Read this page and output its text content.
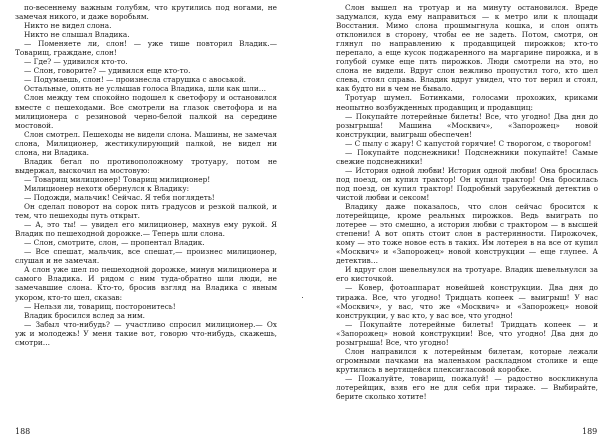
по-весеннему важным голубям, что крутились под ногами, не замечая никого, и даже воробьям.

Никто не видел слона.

Никто не слышал Владика.

— Поменяете ли, слон! — уже тише повторил Владик.— Товарищ, граждане, слон!

— Где? — удивился кто-то.

— Слон, говорите? — удивился еще кто-то.

— Подумаешь, слон! — произнесла старушка с авоськой.

Остальные, опять не услышав голоса Владика, шли как шли…

Слон между тем спокойно подошел к светофору и остановился вместе с пешеходами. Все смотрели на глазок светофора и на милиционера с резиновой черно-белой палкой на середине мостовой.

Слон смотрел. Пешеходы не видели слона. Машины, не замечая слона, Милиционер, жестикулирующий палкой, не видел ни слона, ни Владика.

Владик бегал по противоположному тротуару, потом не выдержал, выскочил на мостовую:

— Товарищ милиционер! Товарищ милиционер!

Милиционер нехотя обернулся к Владику:

— Подожди, мальчик! Сейчас. Я тебя поглядеть!

Он сделал поворот на сорок пять градусов и резкой палкой, и тем, что пешеходы путь открыт.

— А, это ты! — увидел его милиционер, махнув ему рукой. Я Владик по пешеходной дорожке.— Теперь шли слона.

— Слон, смотрите, слон, — пропентал Владик.

— Все спешат, мальчик, все спешат,— произнес милиционер, слушая и не замечая.

А слон уже шел по пешеходной дорожке, минуя милиционера и самого Владика. И рядом с ним туда-обратно шли люди, не замечавшие слона. Кто-то, бросив взгляд на Владика с явным укором, кто-то шел, сказав:

— Нельзя ли, товарищ, посторонитесь!

Владик бросился вслед за ним.

— Забыл что-нибудь? — участливо спросил милиционер.— Ох уж и молодежь! У меня такие вот, говорю что-нибудь, скажешь, смотри…

Слон вышел на тротуар и на минуту остановился. Вреде задумался, куда ему направиться — к метро или к площади Восстания. Мимо слона прошмыгнула кошка, и слон опять отклонился в сторону, чтобы ее не задеть. Потом, смотря, он глянул по направлению к продавщицей пирожков; кто-то перепало, а еще кусок поджаренного на маргарине пирожка, и в голубой сумке еще пять пирожков. Люди смотрели на это, но слона не видели. Вдруг слон вежливо пропустил того, кто шел слева, стоял справа. Владик вдруг увидел, что тот верил и стоял, как будто ни в чем не бывало.

Тротуар шумел. Ботинками, голосами прохожих, криками неопытно возбужденных продавщиц и продавщиц:

— Покупайте лотерейные билеты! Все, что угодно! Два дня до розыгрыша! Машина «Москвич», «Запорожец» новой конструкции, выигрыш обеспечен!

— С пылу с жару! С капустой горячие! С творогом, с творогом!

— Покупайте подснежники! Подснежники покупайте! Самые свежие подснежники!

— История одной любви! История одной любви! Она бросилась под поезд, он купил трактор! Он купил трактор! Она бросилась под поезд, он купил трактор! Подробный зарубежный детектив о чистой любви и сексом!

Владику даже показалось, что слон сейчас бросится к лотерейщице, кроме реальных пирожков. Ведь выиграть по лотерее — это смешно, а история любви с трактором — в высшей степени! А вот опять стоит слон в растерянности. Пирожочек, кому — это тоже новое есть в таких. Им лотерея в на все от купил «Москвич» и «Запорожец» новой конструкции — еще глупее. А детектив…

И вдруг слон шевельнулся на тротуаре. Владик шевельнулся за его кисточкой.

— Ковер, фотоаппарат новейшей конструкции. Два дня до тиража. Все, что угодно! Тридцать копеек — выигрыш! У нас «Москвич», у вас, что же «Москвич» и «Запорожец» новой конструкции, у вас кто, у вас все, что угодно!

— Покупайте лотерейные билеты! Тридцать копеек — и «Запорожец» новой конструкции! Все, что угодно! Два дня до розыгрыша! Все, что угодно!

Слон направился к лотерейным билетам, которые лежали огромными пачками на маленьком раскладном столике и еще крутились в вертящейся плексигласовой коробке.

— Пожалуйте, товарищ, пожалуй! — радостно воскликнула лотерейщик, взяв его не для себя при тираже. — Выбирайте, берите сколько хотите!

188	189
